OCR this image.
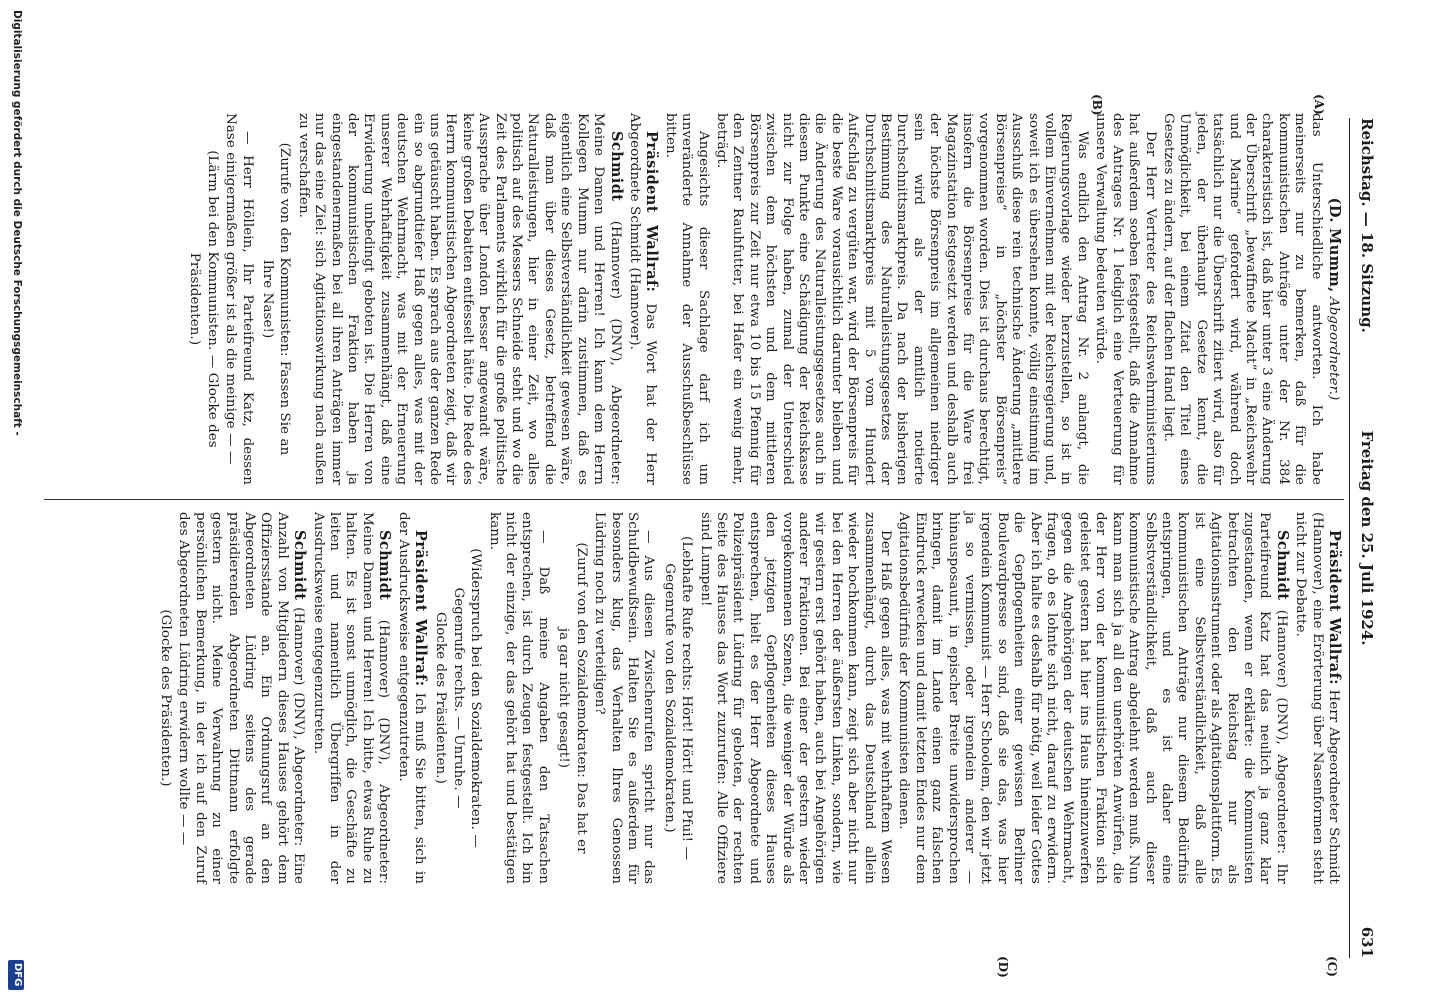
Reichstag. — 18. Sitzung.
Freitag den 25. Juli 1924.
631
(A)
(B)
(C)
(D)

(D. Mumm, Abgeordneter.)

das Unterschiedliche antworten. Ich habe meinerseits nur zu bemerken, daß für die kommunistischen Anträge unter der Nr. 384 charakteristisch ist, daß hier unter 3 eine Änderung der Überschrift „bewaffnete Macht“ in „Reichswehr und Marine“ gefordert wird, während doch tatsächlich nur die Überschrift zitiert wird, also für jeden, der überhaupt Gesetze kennt, die Unmöglichkeit, bei einem Zitat den Titel eines Gesetzes zu ändern, auf der flachen Hand liegt.

Der Herr Vertreter des Reichswehrministeriums hat außerdem soeben festgestellt, daß die Annahme des Antrages Nr. 1 lediglich eine Verteuerung für unsere Verwaltung bedeuten würde.

Was endlich den Antrag Nr. 2 anlangt, die Regierungsvorlage wieder herzustellen, so ist in vollem Einvernehmen mit der Reichsregierung und, soweit ich es übersehen konnte, völlig einstimmig im Ausschuß diese rein technische Änderung „mittlere Börsenpreise“ in „höchster Börsenpreis“ vorgenommen worden. Dies ist durchaus berechtigt, insofern die Börsenpreise für die Ware frei Magazinstation festgesetzt werden und deshalb auch der höchste Börsenpreis im allgemeinen niedriger sein wird als der amtlich notierte Durchschnittsmarktpreis. Da nach der bisherigen Bestimmung des Naturalleistungsgesetzes der Durchschnittsmarktpreis mit 5 vom Hundert Aufschlag zu vergüten war, wird der Börsenpreis für die beste Ware vorausichtlich darunter bleiben und die Änderung des Naturalleistungsgesetzes auch in diesem Punkte eine Schädigung der Reichskasse nicht zur Folge haben, zumal der Unterschied zwischen dem höchsten und dem mittleren Börsenpreis zur Zeit nur etwa 10 bis 15 Pfennig für den Zentner Rauhfutter, bei Hafer ein wenig mehr, beträgt.

Angesichts dieser Sachlage darf ich um unveränderte Annahme der Ausschußbeschlüsse bitten.

Präsident Wallraf: Das Wort hat der Herr Abgeordnete Schmidt (Hannover).

Schmidt (Hannover) (DNV), Abgeordneter: Meine Damen und Herren! Ich kann dem Herrn Kollegen Mumm nur darin zustimmen, daß es eigentlich eine Selbstverständlichkeit gewesen wäre, daß man über dieses Gesetz, betreffend die Naturalleistungen, hier in einer Zeit, wo alles politisch auf des Messers Schneide steht und wo die Zeit des Parlaments wirklich für die große politische Aussprache über London besser angewandt wäre, keine großen Debatten entfesselt hätte. Die Rede des Herrn kommunistischen Abgeordneten zeigt, daß wir uns getäuscht haben. Es sprach aus der ganzen Rede ein so abgrundtiefer Haß gegen alles, was mit der deutschen Wehrmacht, was mit der Erneuerung unserer Wehrhaftigkeit zusammenhängt, daß eine Erwiderung unbedingt geboten ist. Die Herren von der kommunistischen Fraktion haben ja eingestandenermaßen bei all ihren Anträgen immer nur das eine Ziel: sich Agitationswirkung nach außen zu verschaffen.

(Zurufe von den Kommunisten: Fassen Sie an

Ihre Nase!)

— Herr Höllein, Ihr Parteifreund Katz, dessen Nase einigermaßen größer ist als die meinige — —

(Lärm bei den Kommunisten. — Glocke des

Präsidenten.)

Präsident Wallraf: Herr Abgeordneter Schmidt (Hannover), eine Erörterung über Nasenformen steht nicht zur Debatte.

Schmidt (Hannover) (DNV), Abgeordneter: Ihr Parteifreund Katz hat das neulich ja ganz klar zugestanden, wenn er erklärte: die Kommunisten betrachten den Reichstag nur als Agitationsinstrument oder als Agitationsplattform. Es ist eine Selbstverständlichkeit, daß alle kommunistischen Anträge nur diesem Bedürfnis entspringen, und es ist daher eine Selbstverständlichkeit, daß auch dieser kommunistische Antrag abgelehnt werden muß. Nun kann man sich ja all den unerhörten Anwürfen, die der Herr von der kommunistischen Fraktion sich geleistet gestern hat hier ins Haus hineinzuwerfen gegen die Angehörigen der deutschen Wehrmacht, fragen, ob es lohnte sich nicht, darauf zu erwidern. Aber ich halte es deshalb für nötig, weil leider Gottes die Gepflogenheiten einer gewissen Berliner Boulevardpresse so sind, daß sie das, was hier irgendein Kommunist — Herr Schoolem, den wir jetzt ja so vermissen, oder irgendein anderer — hinausposaunt, in epischer Breite unwidersprochen bringen, damit im Lande einen ganz falschen Eindruck erwecken und damit letzten Endes nur dem Agitationsbedürfnis der Kommunisten dienen.

Der Haß gegen alles, was mit wehrhaftem Wesen zusammenhängt, durch das Deutschland allein wieder hochkommen kann, zeigt sich aber nicht nur bei den Herren der äußersten Linken, sondern, wie wir gestern erst gehört haben, auch bei Angehörigen anderer Fraktionen. Bei einer der gestern wieder vorgekommenen Szenen, die weniger der Würde als den jetzigen Gepflogenheiten dieses Hauses entsprechen, hielt es der Herr Abgeordnete und Polizeipräsident Lüdring für geboten, der rechten Seite des Hauses das Wort zuzurufen: Alle Offiziere sind Lumpen!

(Lebhafte Rufe rechts: Hört! Hört! und Pfui! —

Gegenrufe von den Sozialdemokraten.)

— Aus diesen Zwischenrufen spricht nur das Schuldbewußtsein. Halten Sie es außerdem für besonders klug, das Verhalten Ihres Genossen Lüdring noch zu verteidigen?

(Zuruf von den Sozialdemokraten: Das hat er

ja gar nicht gesagt!)

— Daß meine Angaben den Tatsachen entsprechen, ist durch Zeugen festgestellt. Ich bin nicht der einzige, der das gehört hat und bestätigen kann.

(Widerspruch bei den Sozialdemokraten. —

Gegenrufe rechts. — Unruhe. —

Glocke des Präsidenten.)

Präsident Wallraf: Ich muß Sie bitten, sich in der Ausdrucksweise entgegenzutreten.

Schmidt (Hannover) (DNV), Abgeordneter: Meine Damen und Herren! Ich bitte, etwas Ruhe zu halten. Es ist sonst unmöglich, die Geschäfte zu leiten und namentlich Übergriffen in der Ausdrucksweise entgegenzutreten.

Schmidt (Hannover) (DNV), Abgeordneter: Eine Anzahl von Mitgliedern dieses Hauses gehört dem Offiziersstande an. Ein Ordnungsruf an den Abgeordneten Lüdring seitens des gerade präsidierenden Abgeordneten Dittmann erfolgte gestern nicht. Meine Verwahrung zu einer persönlichen Bemerkung, in der ich auf den Zuruf des Abgeordneten Lüdring erwidern wollte — —

(Glocke des Präsidenten.)

Digitalisierung gefördert durch die Deutsche Forschungsgemeinschaft -
DFG
